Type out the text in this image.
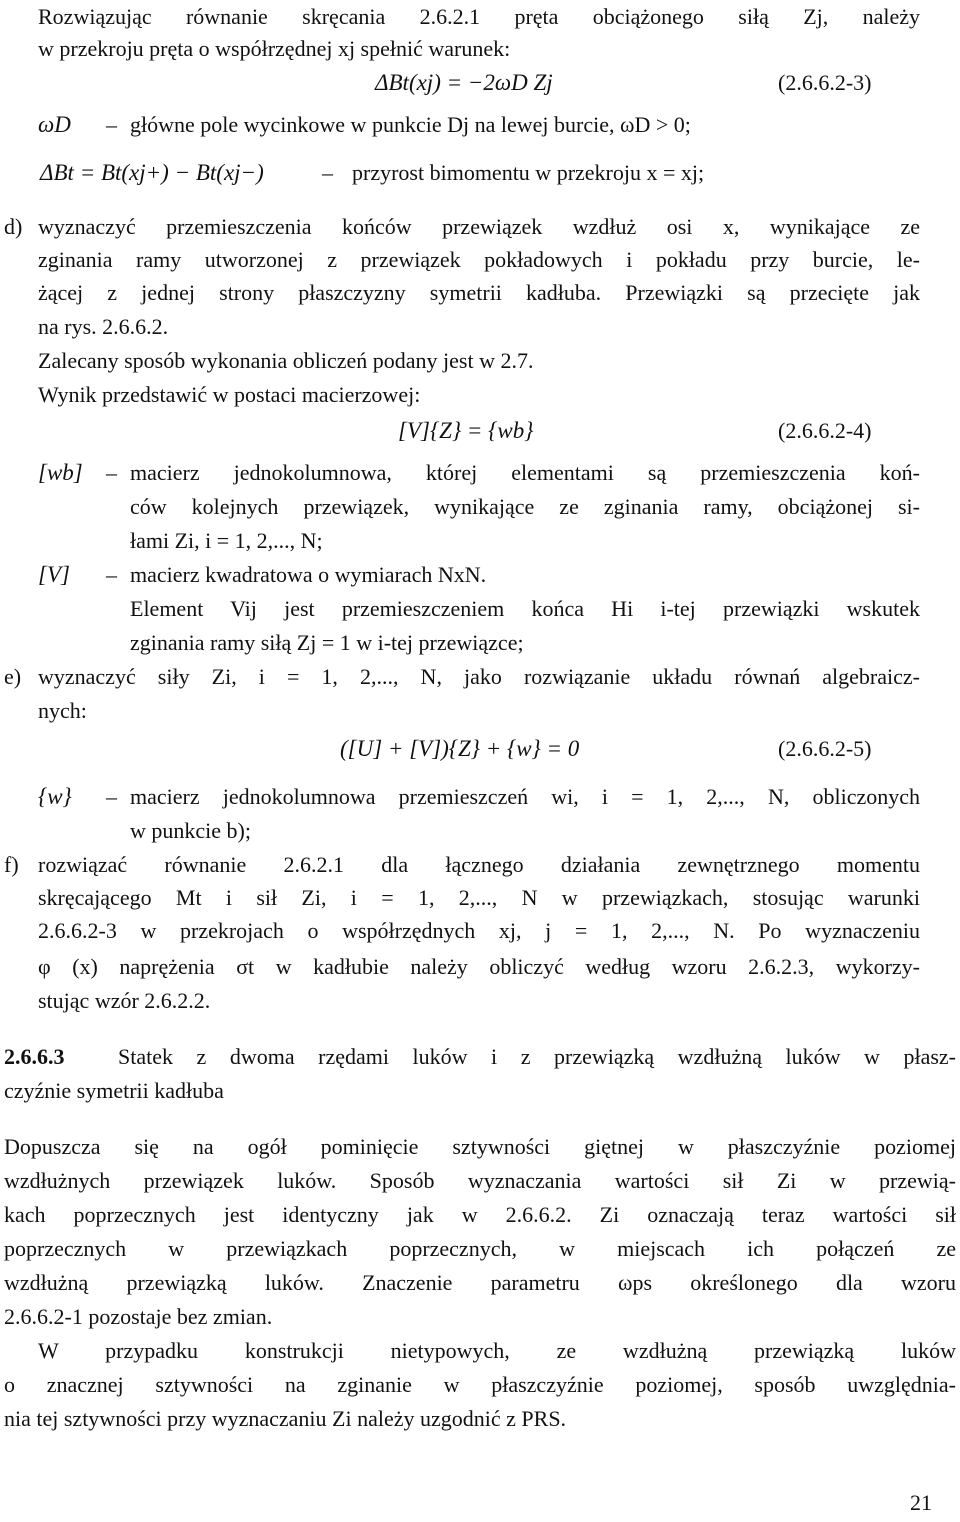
Rozwiązując równanie skręcania 2.6.2.1 pręta obciążonego siłą Zj, należy
w przekroju pręta o współrzędnej xj spełnić warunek:
ΔBt(xj) = −2ωD Zj	(2.6.6.2-3)
ωD – główne pole wycinkowe w punkcie Dj na lewej burcie, ωD > 0;
ΔBt = Bt(xj+) − Bt(xj−)	– przyrost bimomentu w przekroju x = xj;
d) wyznaczyć przemieszczenia końców przewiązek wzdłuż osi x, wynikające ze
zginania ramy utworzonej z przewiązek pokładowych i pokładu przy burcie, le-
żącej z jednej strony płaszczyzny symetrii kadłuba. Przewiązki są przecięte jak
na rys. 2.6.6.2.
Zalecany sposób wykonania obliczeń podany jest w 2.7.
Wynik przedstawić w postaci macierzowej:
[V]{Z} = {wb}	(2.6.6.2-4)
[wb] – macierz jednokolumnowa, której elementami są przemieszczenia koń-
ców kolejnych przewiązek, wynikające ze zginania ramy, obciążonej si-
łami Zi, i = 1, 2,..., N;
[V] – macierz kwadratowa o wymiarach NxN.
Element Vij jest przemieszczeniem końca Hi i-tej przewiązki wskutek
zginania ramy siłą Zj = 1 w i-tej przewiązce;
e) wyznaczyć siły Zi, i = 1, 2,..., N, jako rozwiązanie układu równań algebraicz-
nych:
([U] + [V]){Z} + {w} = 0	(2.6.6.2-5)
{w} – macierz jednokolumnowa przemieszczeń wi, i = 1, 2,..., N, obliczonych
w punkcie b);
f) rozwiązać równanie 2.6.2.1 dla łącznego działania zewnętrznego momentu
skręcającego Mt i sił Zi, i = 1, 2,..., N w przewiązkach, stosując warunki
2.6.6.2-3 w przekrojach o współrzędnych xj, j = 1, 2,..., N. Po wyznaczeniu
φ (x) naprężenia σt w kadłubie należy obliczyć według wzoru 2.6.2.3, wykorzy-
stując wzór 2.6.2.2.
2.6.6.3 Statek z dwoma rzędami luków i z przewiązką wzdłużną luków w płasz-
czyźnie symetrii kadłuba
Dopuszcza się na ogół pominięcie sztywności giętnej w płaszczyźnie poziomej
wzdłużnych przewiązek luków. Sposób wyznaczania wartości sił Zi w przewią-
kach poprzecznych jest identyczny jak w 2.6.6.2. Zi oznaczają teraz wartości sił
poprzecznych w przewiązkach poprzecznych, w miejscach ich połączeń ze
wzdłużną przewiązką luków. Znaczenie parametru ωps określonego dla wzoru
2.6.6.2-1 pozostaje bez zmian.
W przypadku konstrukcji nietypowych, ze wzdłużną przewiązką luków
o znacznej sztywności na zginanie w płaszczyźnie poziomej, sposób uwzględnia-
nia tej sztywności przy wyznaczaniu Zi należy uzgodnić z PRS.
21
